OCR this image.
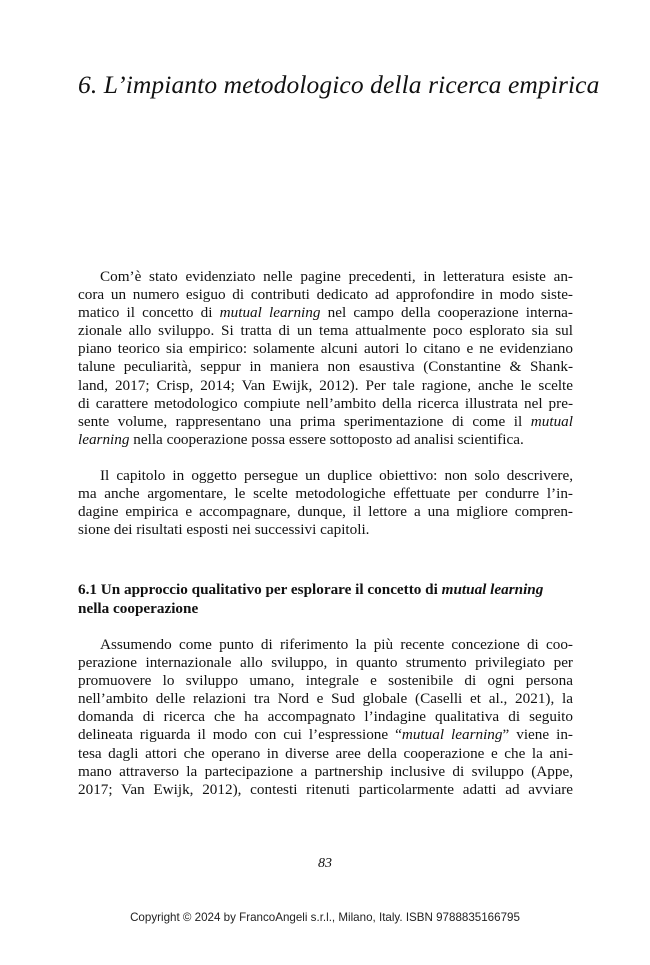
6. L’impianto metodologico della ricerca empirica
Com’è stato evidenziato nelle pagine precedenti, in letteratura esiste an-
cora un numero esiguo di contributi dedicato ad approfondire in modo siste-
matico il concetto di mutual learning nel campo della cooperazione interna-
zionale allo sviluppo. Si tratta di un tema attualmente poco esplorato sia sul
piano teorico sia empirico: solamente alcuni autori lo citano e ne evidenziano
talune peculiarità, seppur in maniera non esaustiva (Constantine & Shank-
land, 2017; Crisp, 2014; Van Ewijk, 2012). Per tale ragione, anche le scelte
di carattere metodologico compiute nell’ambito della ricerca illustrata nel pre-
sente volume, rappresentano una prima sperimentazione di come il mutual
learning nella cooperazione possa essere sottoposto ad analisi scientifica.
Il capitolo in oggetto persegue un duplice obiettivo: non solo descrivere,
ma anche argomentare, le scelte metodologiche effettuate per condurre l’in-
dagine empirica e accompagnare, dunque, il lettore a una migliore compren-
sione dei risultati esposti nei successivi capitoli.
6.1 Un approccio qualitativo per esplorare il concetto di mutual learning
nella cooperazione
Assumendo come punto di riferimento la più recente concezione di coo-
perazione internazionale allo sviluppo, in quanto strumento privilegiato per
promuovere lo sviluppo umano, integrale e sostenibile di ogni persona
nell’ambito delle relazioni tra Nord e Sud globale (Caselli et al., 2021), la
domanda di ricerca che ha accompagnato l’indagine qualitativa di seguito
delineata riguarda il modo con cui l’espressione “mutual learning” viene in-
tesa dagli attori che operano in diverse aree della cooperazione e che la ani-
mano attraverso la partecipazione a partnership inclusive di sviluppo (Appe,
2017; Van Ewijk, 2012), contesti ritenuti particolarmente adatti ad avviare
83
Copyright © 2024 by FrancoAngeli s.r.l., Milano, Italy. ISBN 9788835166795
